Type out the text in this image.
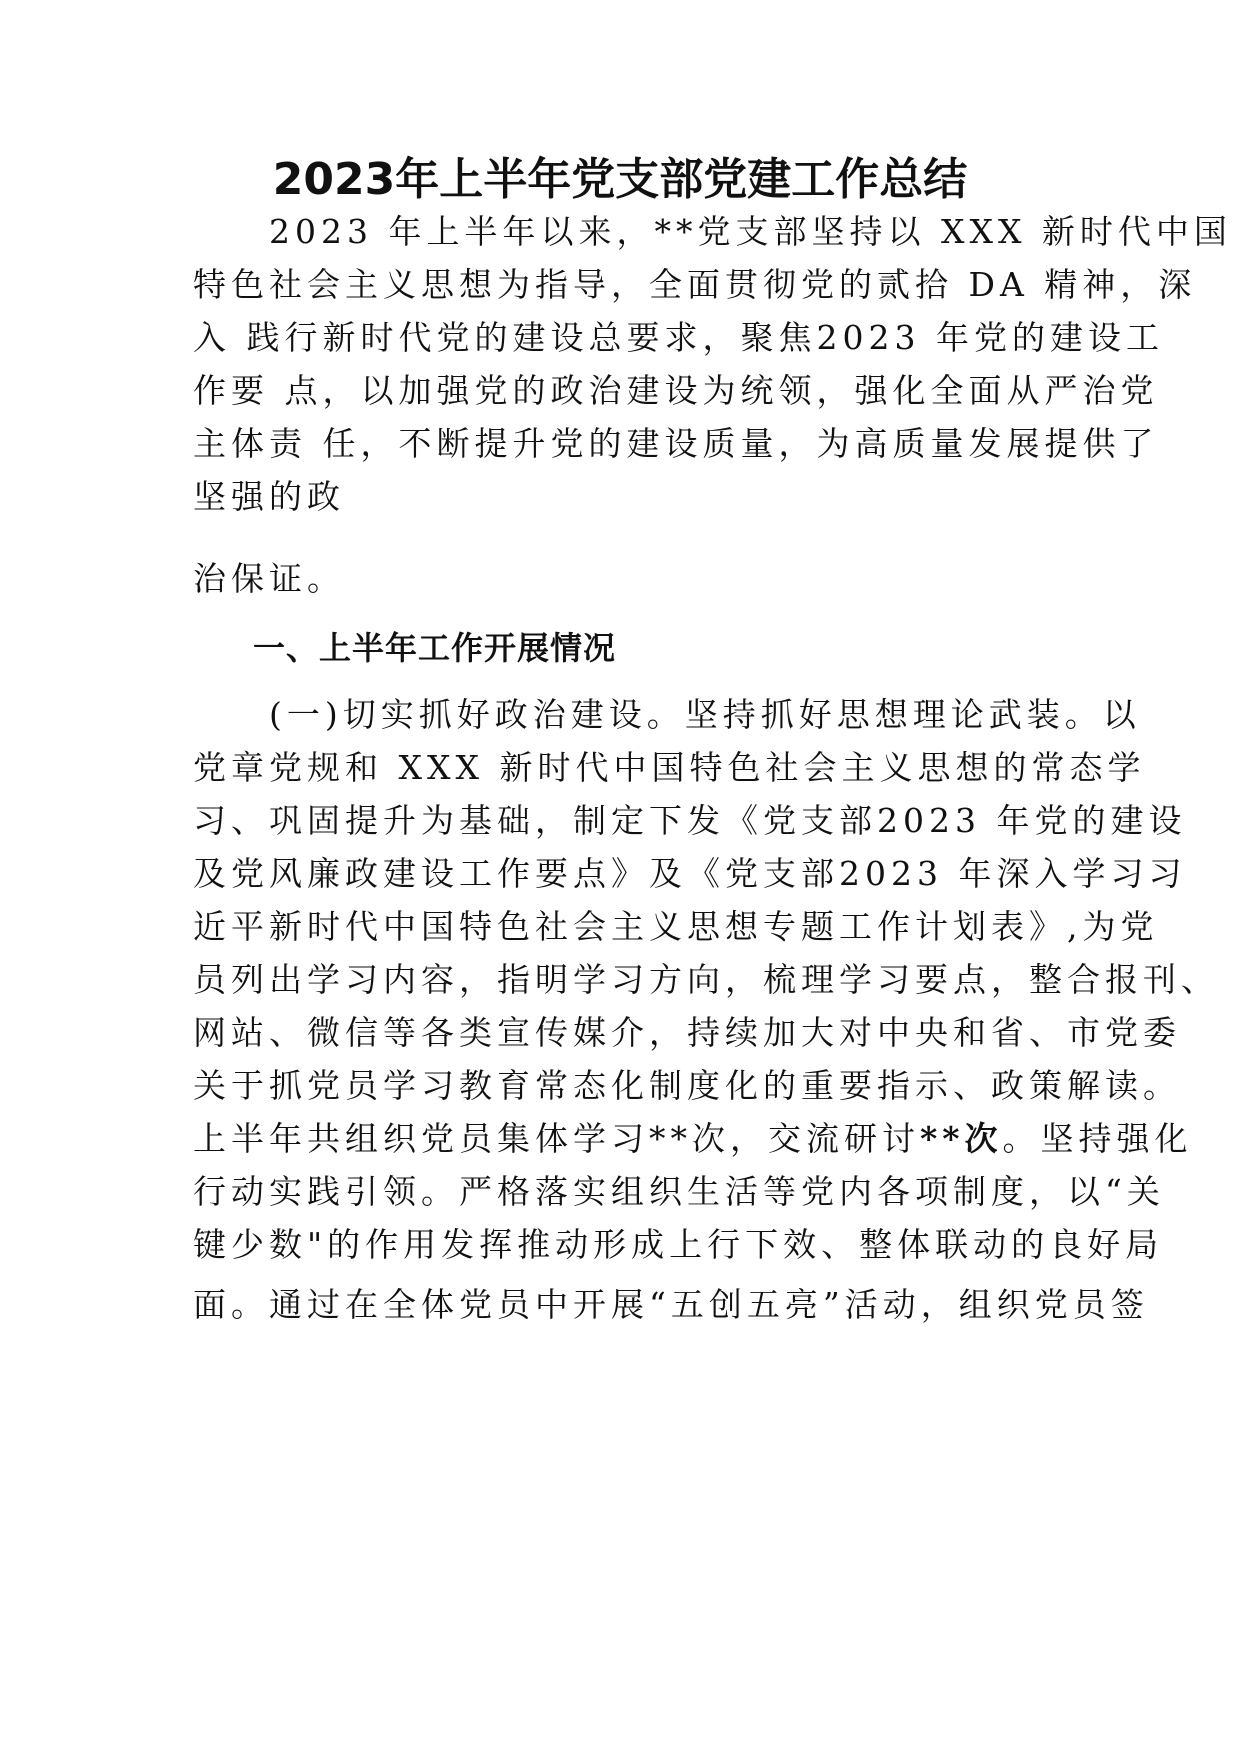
2023年上半年党支部党建工作总结
　　2023 年上半年以来，**党支部坚持以 XXX 新时代中国
特色社会主义思想为指导，全面贯彻党的贰拾 DA 精神，深
入 践行新时代党的建设总要求，聚焦2023 年党的建设工
作要 点，以加强党的政治建设为统领，强化全面从严治党
主体责 任，不断提升党的建设质量，为高质量发展提供了
坚强的政
治保证。
一、上半年工作开展情况
　　(一)切实抓好政治建设。坚持抓好思想理论武装。以
党章党规和 XXX 新时代中国特色社会主义思想的常态学
习、巩固提升为基础，制定下发《党支部2023 年党的建设
及党风廉政建设工作要点》及《党支部2023 年深入学习习
近平新时代中国特色社会主义思想专题工作计划表》,为党
员列出学习内容，指明学习方向，梳理学习要点，整合报刊、
网站、微信等各类宣传媒介，持续加大对中央和省、市党委
关于抓党员学习教育常态化制度化的重要指示、政策解读。
上半年共组织党员集体学习**次，交流研讨**次。坚持强化
行动实践引领。严格落实组织生活等党内各项制度，以“关
键少数"的作用发挥推动形成上行下效、整体联动的良好局
面。通过在全体党员中开展“五创五亮”活动，组织党员签
